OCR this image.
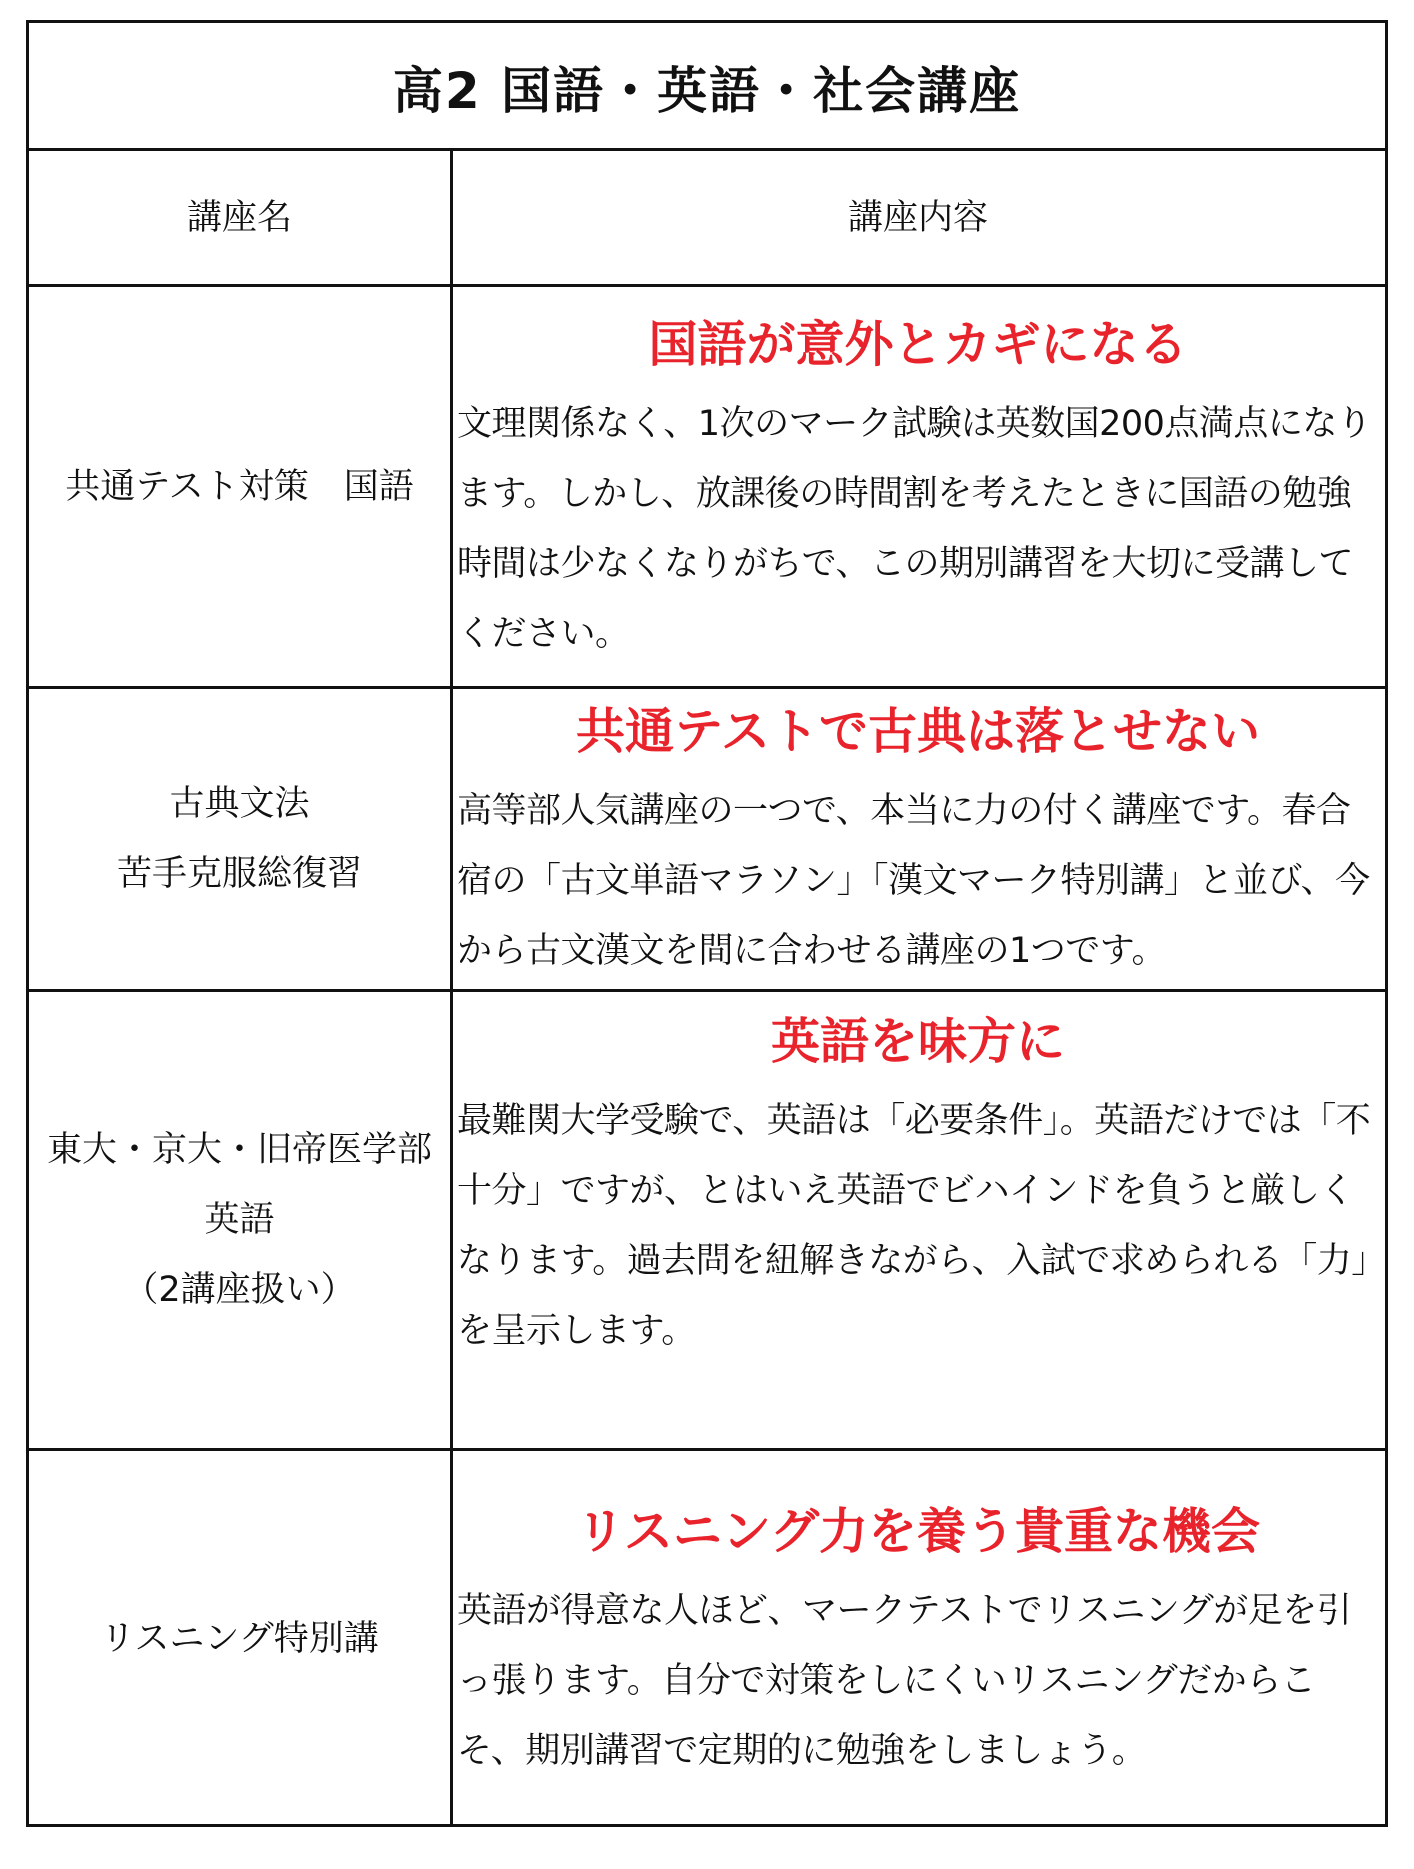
高2 国語・英語・社会講座
講座名	講座内容
共通テスト対策　国語
国語が意外とカギになる
文理関係なく、1次のマーク試験は英数国200点満点になります。しかし、放課後の時間割を考えたときに国語の勉強時間は少なくなりがちで、この期別講習を大切に受講してください。
古典文法
苦手克服総復習
共通テストで古典は落とせない
高等部人気講座の一つで、本当に力の付く講座です。春合宿の「古文単語マラソン」「漢文マーク特別講」と並び、今から古文漢文を間に合わせる講座の1つです。
東大・京大・旧帝医学部
英語
（2講座扱い）
英語を味方に
最難関大学受験で、英語は「必要条件」。英語だけでは「不十分」ですが、とはいえ英語でビハインドを負うと厳しくなります。過去問を紐解きながら、入試で求められる「力」を呈示します。
リスニング特別講
リスニング力を養う貴重な機会
英語が得意な人ほど、マークテストでリスニングが足を引っ張ります。自分で対策をしにくいリスニングだからこそ、期別講習で定期的に勉強をしましょう。
